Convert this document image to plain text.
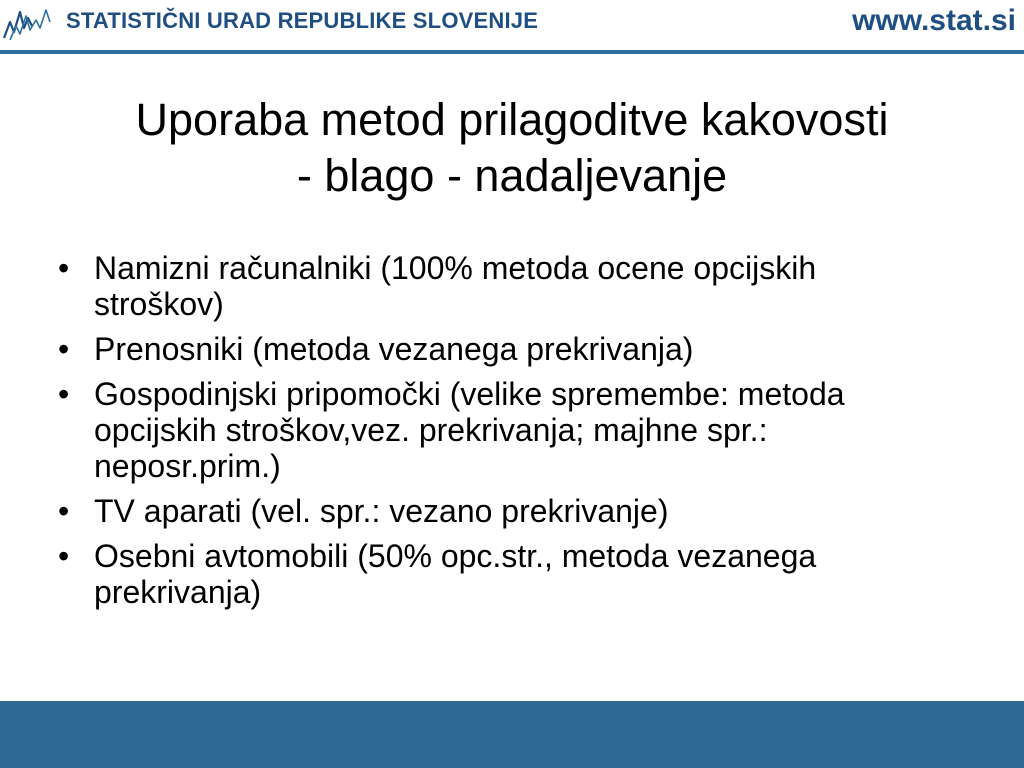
STATISTIČNI URAD REPUBLIKE SLOVENIJE	www.stat.si
Uporaba metod prilagoditve kakovosti
- blago - nadaljevanje
• Namizni računalniki (100% metoda ocene opcijskih stroškov)
• Prenosniki (metoda vezanega prekrivanja)
• Gospodinjski pripomočki (velike spremembe: metoda opcijskih stroškov,vez. prekrivanja; majhne spr.: neposr.prim.)
• TV aparati (vel. spr.: vezano prekrivanje)
• Osebni avtomobili (50% opc.str., metoda vezanega prekrivanja)
